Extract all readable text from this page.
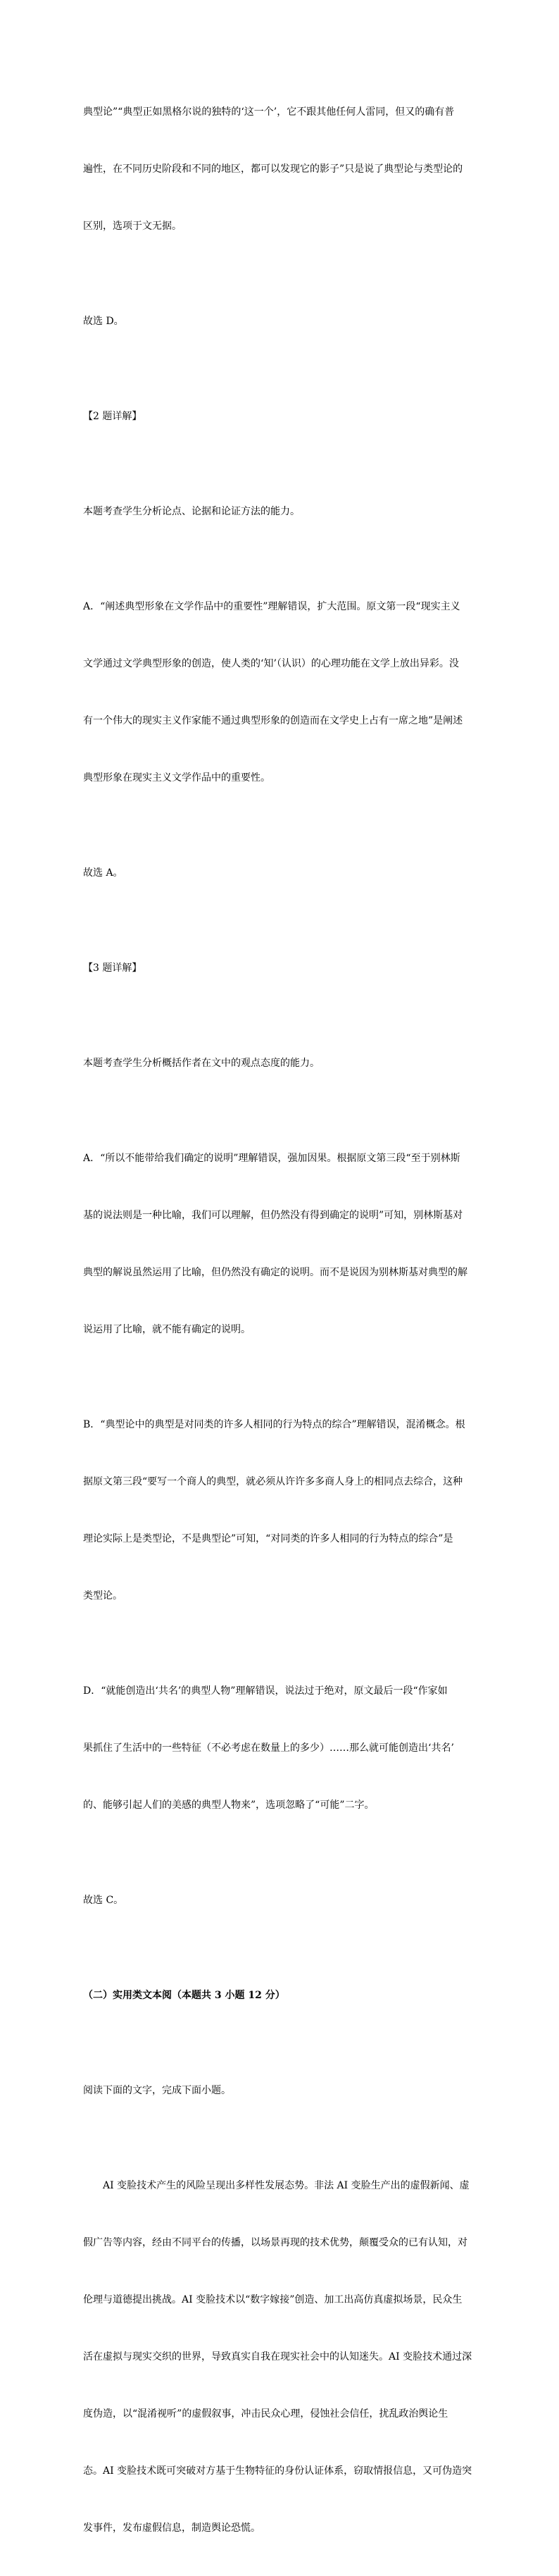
典型论”“典型正如黑格尔说的独特的‘这一个’，它不跟其他任何人雷同，但又的确有普

遍性，在不同历史阶段和不同的地区，都可以发现它的影子”只是说了典型论与类型论的

区别，选项于文无据。

故选 D。

【2 题详解】

本题考查学生分析论点、论据和论证方法的能力。

A．“阐述典型形象在文学作品中的重要性”理解错误，扩大范围。原文第一段“现实主义

文学通过文学典型形象的创造，使人类的‘知’（认识）的心理功能在文学上放出异彩。没

有一个伟大的现实主义作家能不通过典型形象的创造而在文学史上占有一席之地”是阐述

典型形象在现实主义文学作品中的重要性。

故选 A。

【3 题详解】

本题考查学生分析概括作者在文中的观点态度的能力。

A．“所以不能带给我们确定的说明”理解错误，强加因果。根据原文第三段“至于别林斯

基的说法则是一种比喻，我们可以理解，但仍然没有得到确定的说明”可知，别林斯基对

典型的解说虽然运用了比喻，但仍然没有确定的说明。而不是说因为别林斯基对典型的解

说运用了比喻，就不能有确定的说明。

B．“典型论中的典型是对同类的许多人相同的行为特点的综合”理解错误，混淆概念。根

据原文第三段“要写一个商人的典型，就必须从许许多多商人身上的相同点去综合，这种

理论实际上是类型论，不是典型论”可知，“对同类的许多人相同的行为特点的综合”是

类型论。

D．“就能创造出‘共名’的典型人物”理解错误，说法过于绝对，原文最后一段“作家如

果抓住了生活中的一些特征（不必考虑在数量上的多少）……那么就可能创造出‘共名’

的、能够引起人们的美感的典型人物来”，选项忽略了“可能”二字。

故选 C。

（二）实用类文本阅（本题共 3 小题 12 分）

阅读下面的文字，完成下面小题。

AI 变脸技术产生的风险呈现出多样性发展态势。非法 AI 变脸生产出的虚假新闻、虚

假广告等内容，经由不同平台的传播，以场景再现的技术优势，颠覆受众的已有认知，对

伦理与道德提出挑战。AI 变脸技术以“数字嫁接”创造、加工出高仿真虚拟场景，民众生

活在虚拟与现实交织的世界，导致真实自我在现实社会中的认知迷失。AI 变脸技术通过深

度伪造，以“混淆视听”的虚假叙事，冲击民众心理，侵蚀社会信任，扰乱政治舆论生

态。AI 变脸技术既可突破对方基于生物特征的身份认证体系，窃取情报信息，又可伪造突

发事件，发布虚假信息，制造舆论恐慌。
